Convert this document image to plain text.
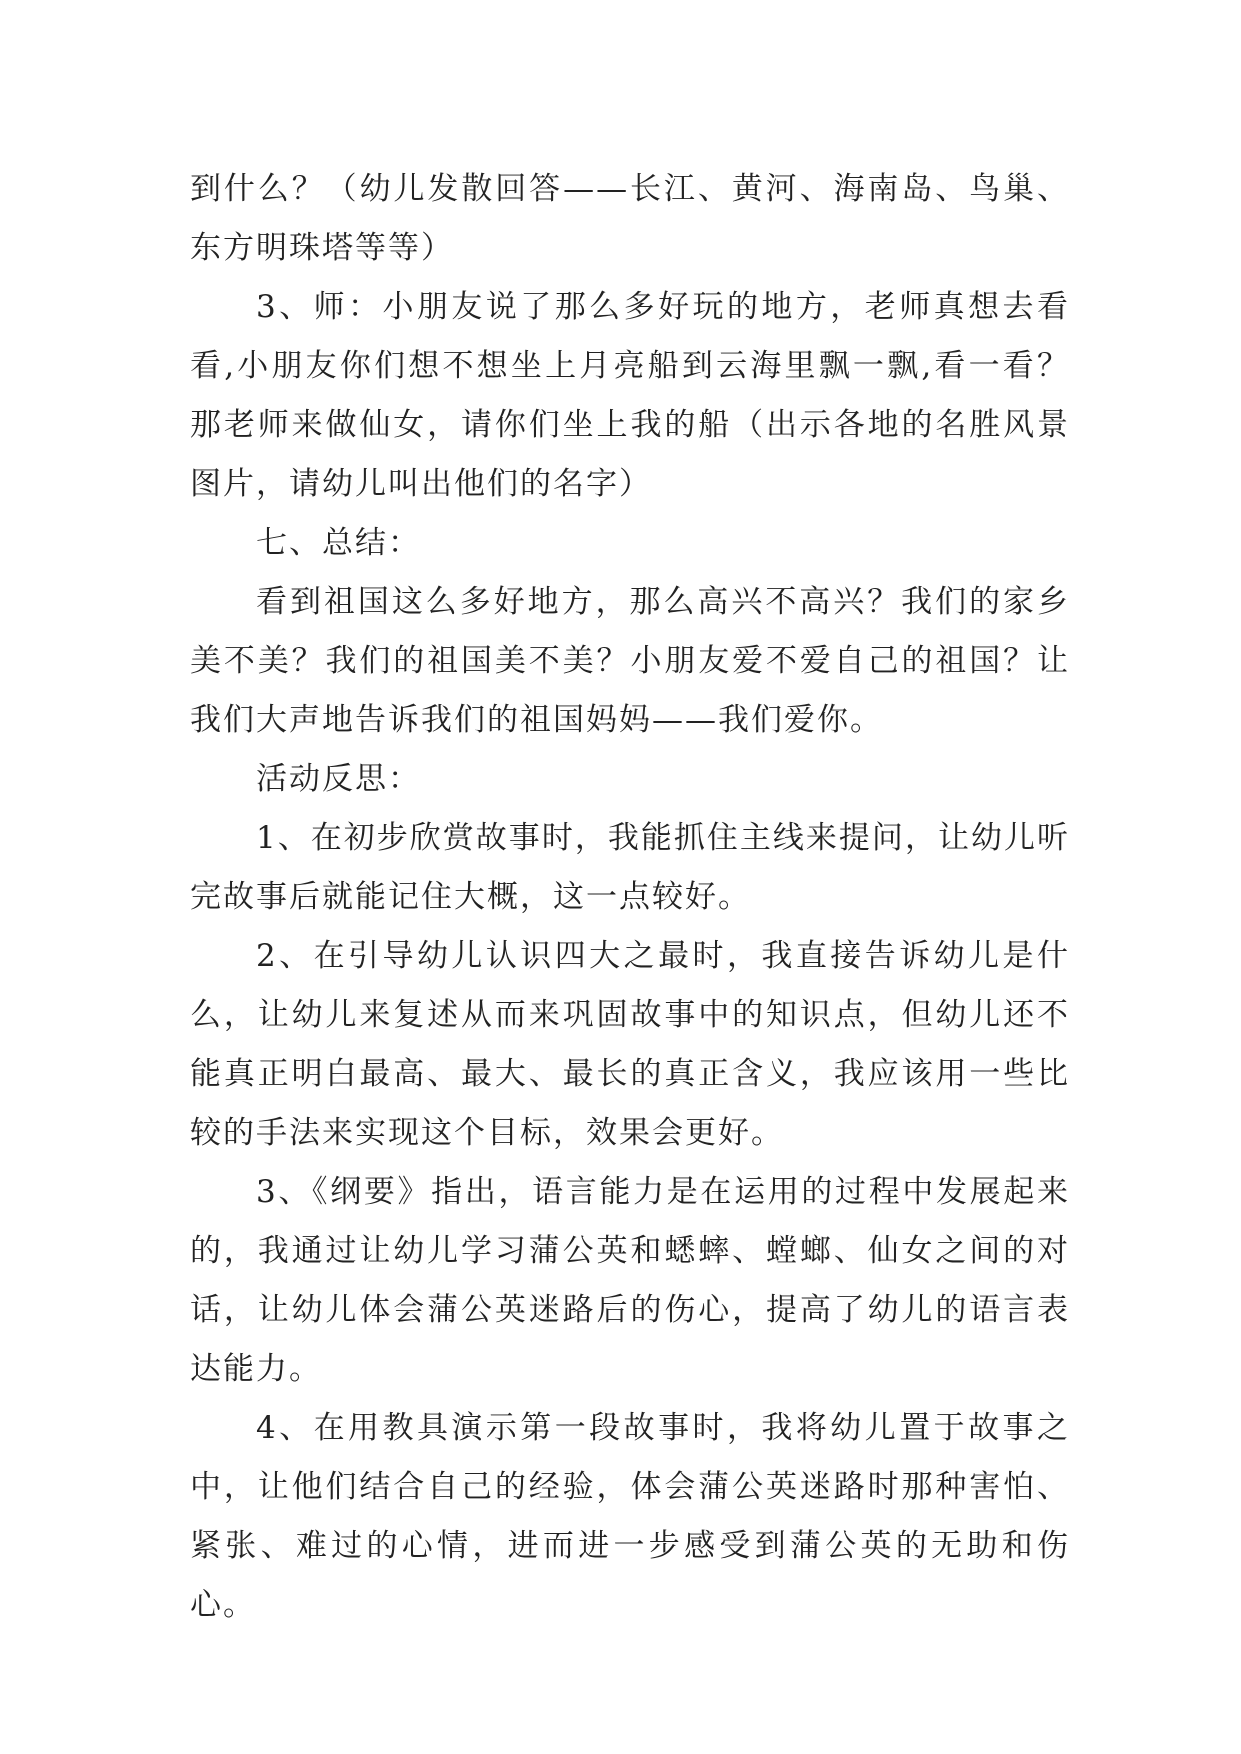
到什么？（幼儿发散回答——长江、黄河、海南岛、鸟巢、东方明珠塔等等）

3、师：小朋友说了那么多好玩的地方，老师真想去看看,小朋友你们想不想坐上月亮船到云海里飘一飘,看一看？那老师来做仙女，请你们坐上我的船（出示各地的名胜风景图片，请幼儿叫出他们的名字）

七、总结：

看到祖国这么多好地方，那么高兴不高兴？我们的家乡美不美？我们的祖国美不美？小朋友爱不爱自己的祖国？让我们大声地告诉我们的祖国妈妈——我们爱你。

活动反思：

1、在初步欣赏故事时，我能抓住主线来提问，让幼儿听完故事后就能记住大概，这一点较好。

2、在引导幼儿认识四大之最时，我直接告诉幼儿是什么，让幼儿来复述从而来巩固故事中的知识点，但幼儿还不能真正明白最高、最大、最长的真正含义，我应该用一些比较的手法来实现这个目标，效果会更好。

3、《纲要》指出，语言能力是在运用的过程中发展起来的，我通过让幼儿学习蒲公英和蟋蟀、螳螂、仙女之间的对话，让幼儿体会蒲公英迷路后的伤心，提高了幼儿的语言表达能力。

4、在用教具演示第一段故事时，我将幼儿置于故事之中，让他们结合自己的经验，体会蒲公英迷路时那种害怕、紧张、难过的心情，进而进一步感受到蒲公英的无助和伤心。
